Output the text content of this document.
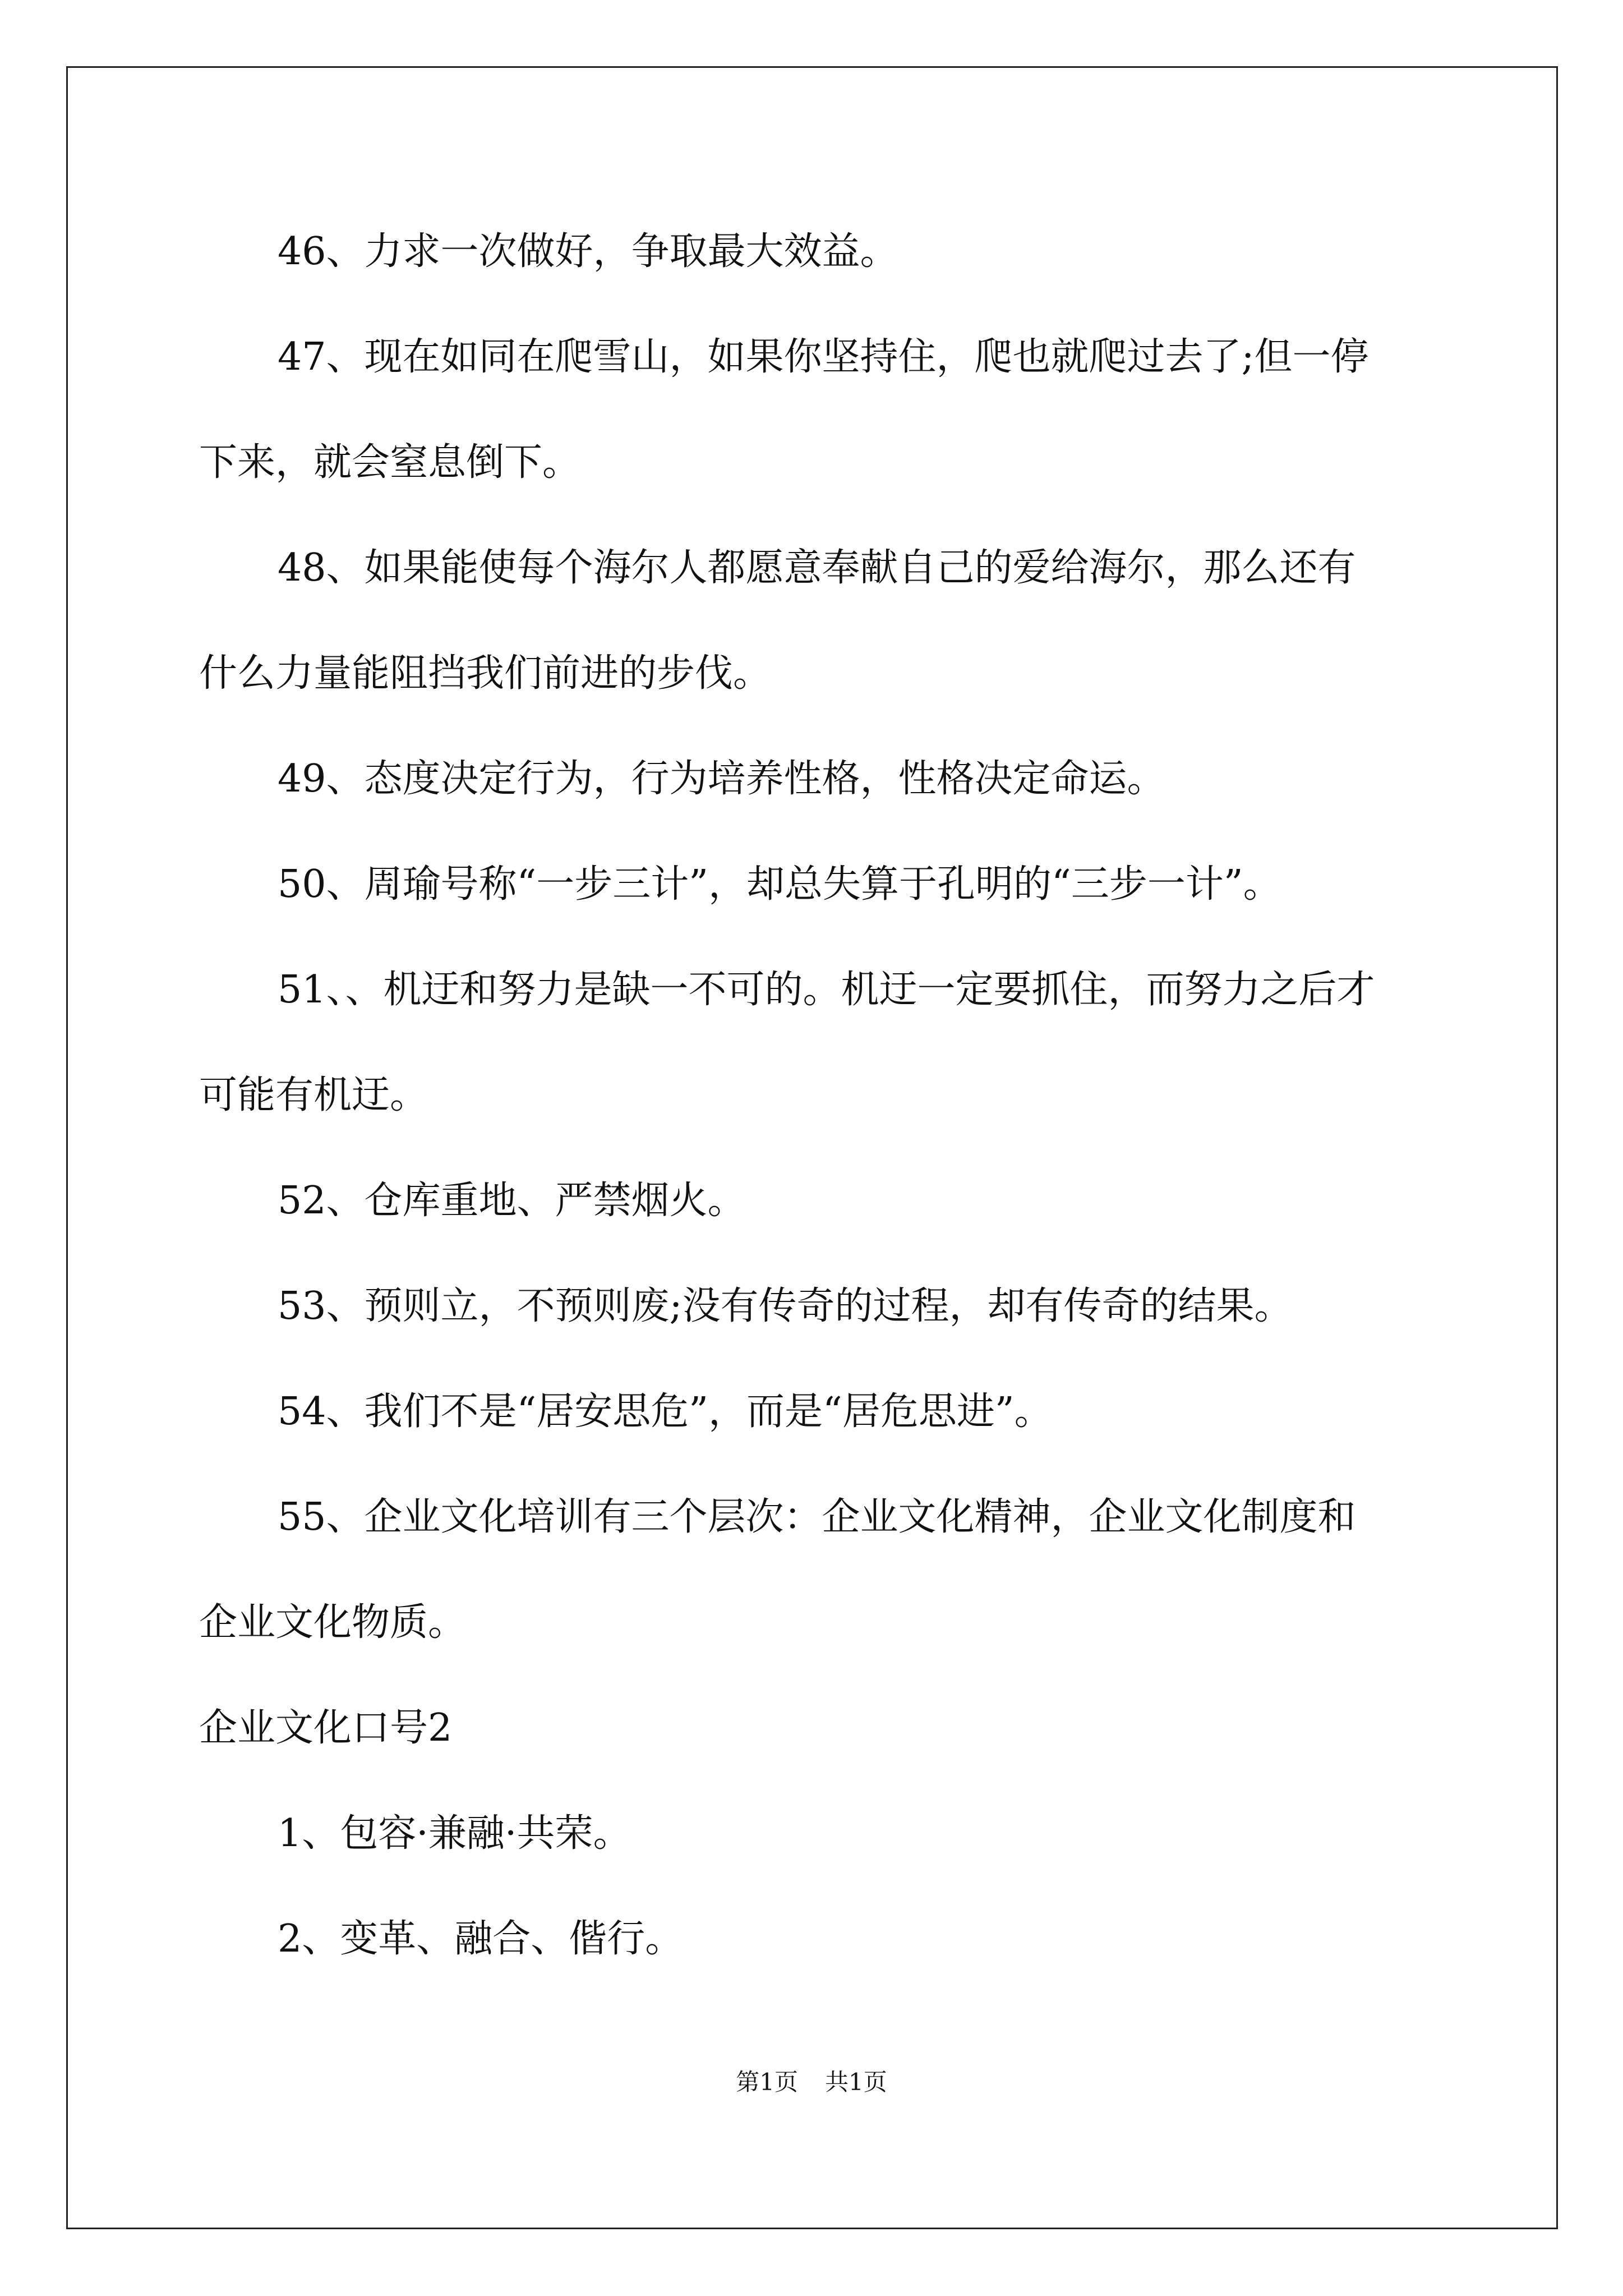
46、力求一次做好，争取最大效益。

47、现在如同在爬雪山，如果你坚持住，爬也就爬过去了;但一停

下来，就会窒息倒下。

48、如果能使每个海尔人都愿意奉献自己的爱给海尔，那么还有

什么力量能阻挡我们前进的步伐。

49、态度决定行为，行为培养性格，性格决定命运。

50、周瑜号称“一步三计”，却总失算于孔明的“三步一计”。

51、、机迂和努力是缺一不可的。机迂一定要抓住，而努力之后才

可能有机迂。

52、仓库重地、严禁烟火。

53、预则立，不预则废;没有传奇的过程，却有传奇的结果。

54、我们不是“居安思危”，而是“居危思进”。

55、企业文化培训有三个层次：企业文化精神，企业文化制度和

企业文化物质。

企业文化口号2

1、包容·兼融·共荣。

2、变革、融合、偕行。

第1页 共1页
